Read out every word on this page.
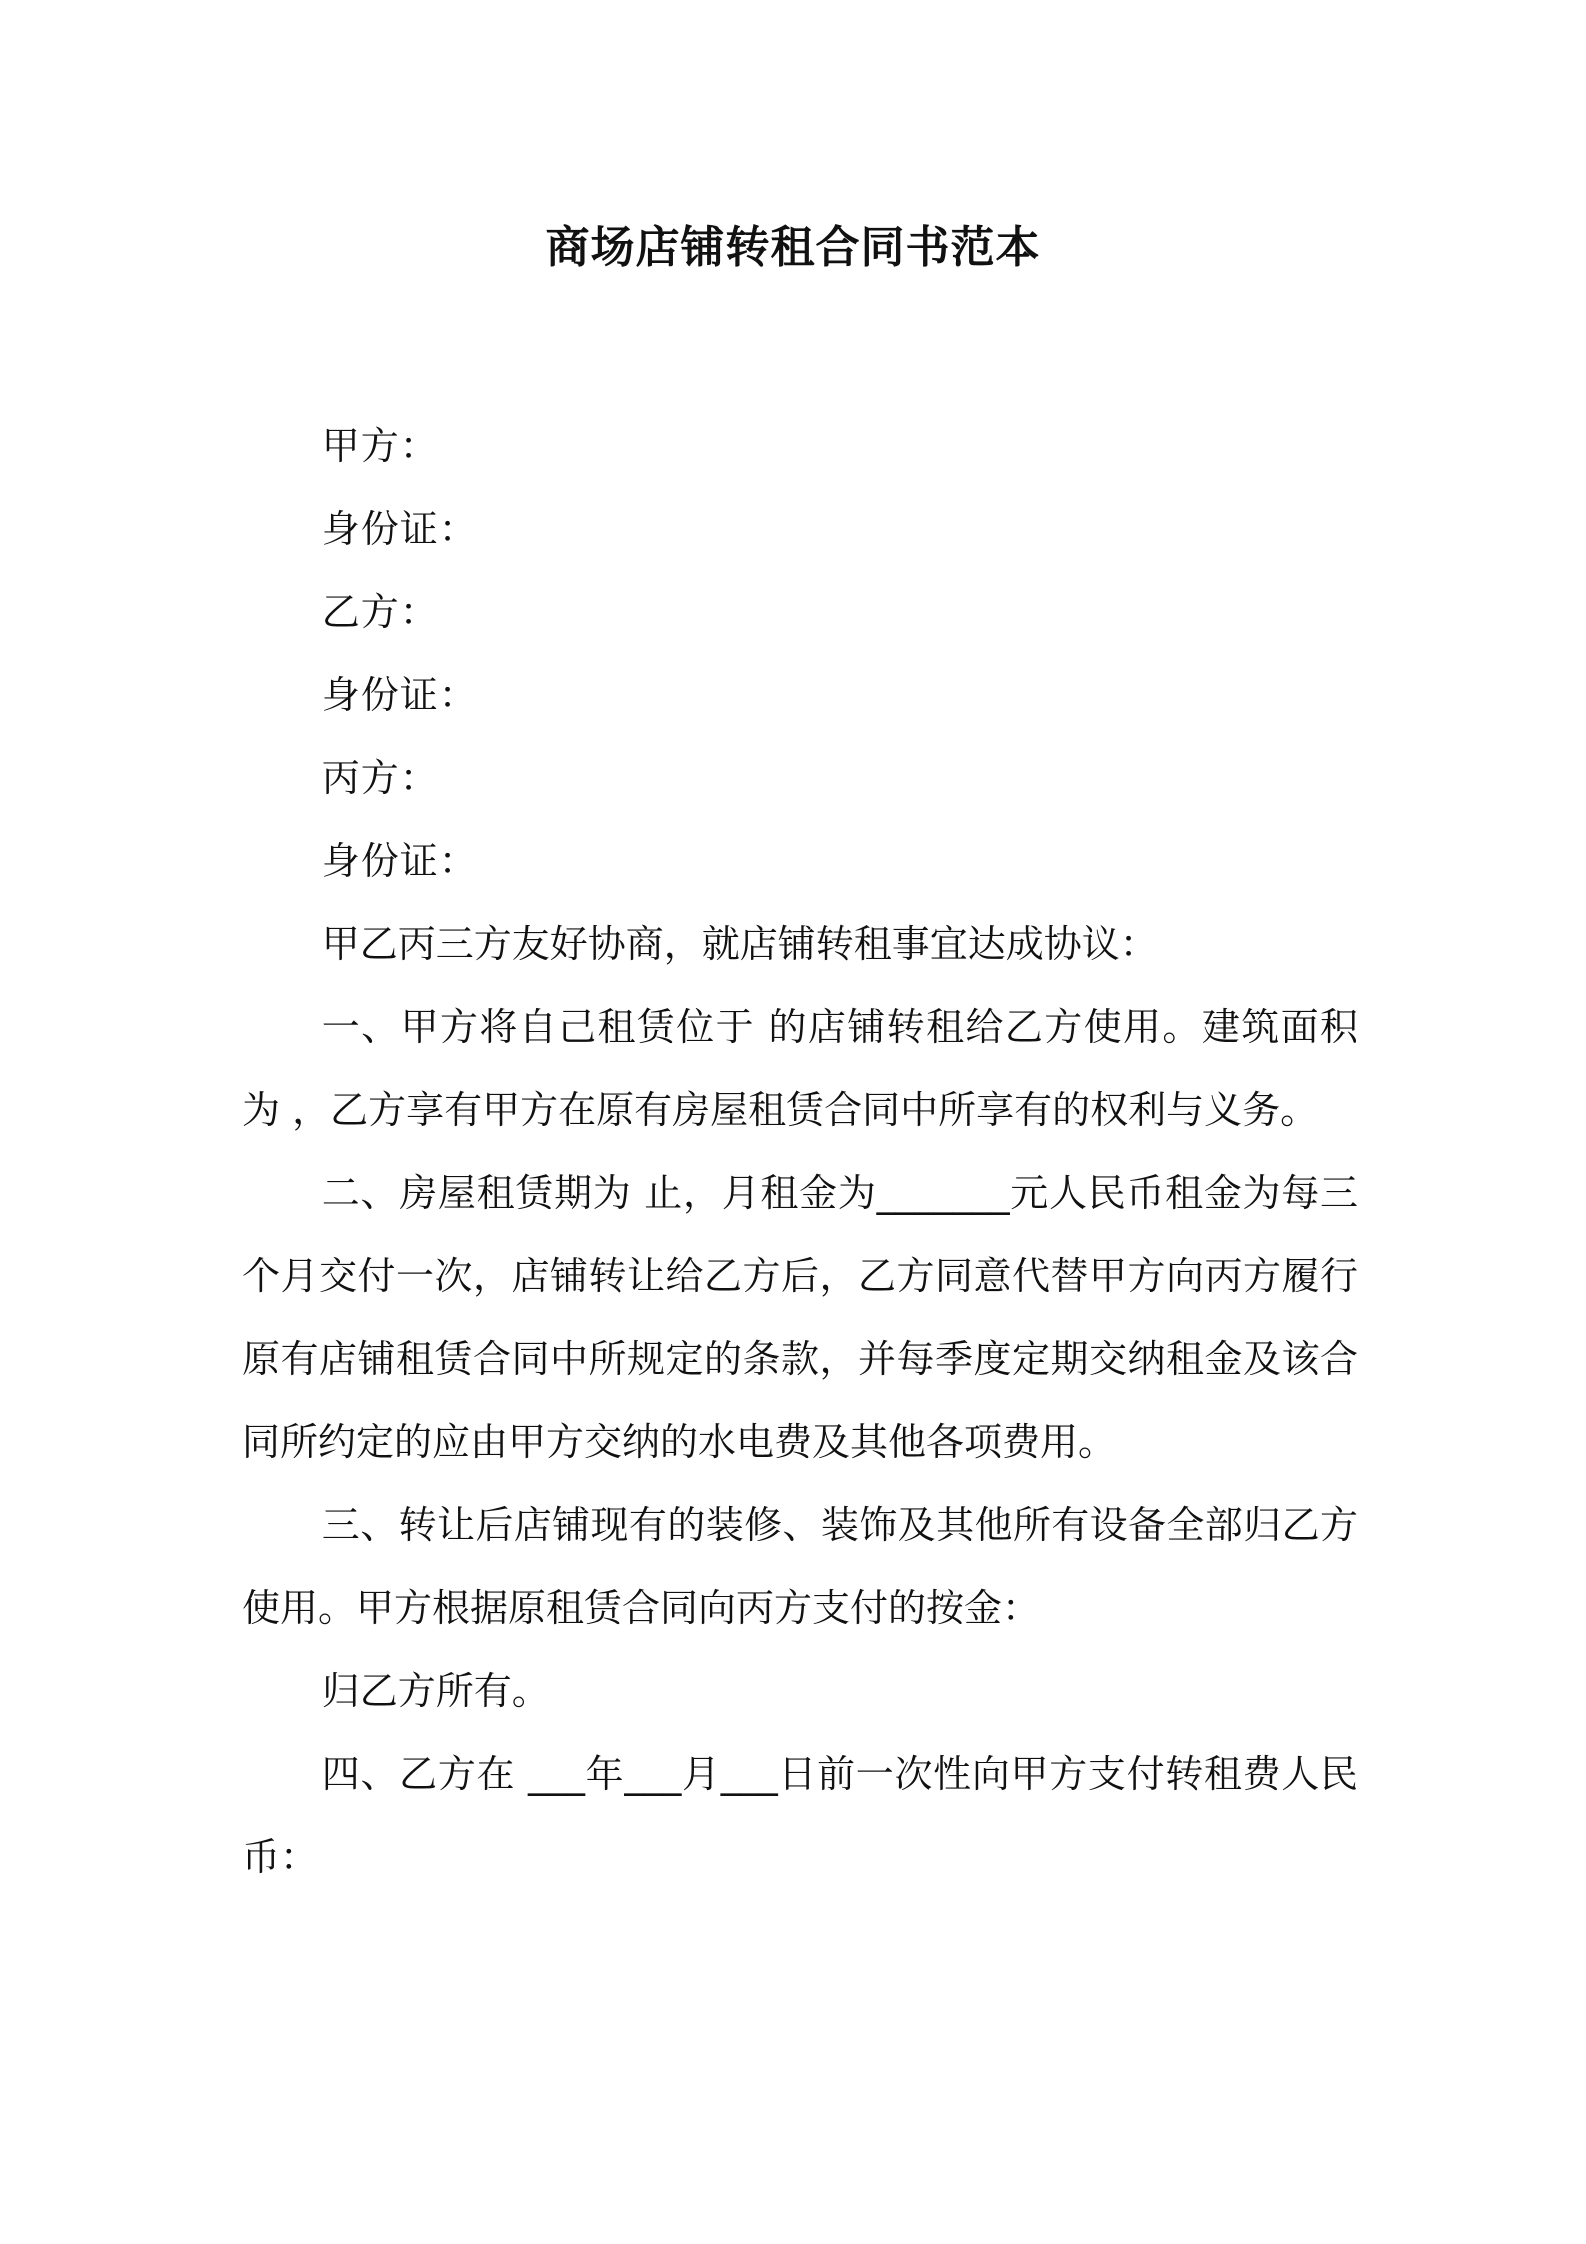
商场店铺转租合同书范本

甲方：

身份证：

乙方：

身份证：

丙方：

身份证：

甲乙丙三方友好协商，就店铺转租事宜达成协议：

一、甲方将自己租赁位于 的店铺转租给乙方使用。建筑面积为 ，乙方享有甲方在原有房屋租赁合同中所享有的权利与义务。

二、房屋租赁期为 止，月租金为_______元人民币租金为每三个月交付一次，店铺转让给乙方后，乙方同意代替甲方向丙方履行原有店铺租赁合同中所规定的条款，并每季度定期交纳租金及该合同所约定的应由甲方交纳的水电费及其他各项费用。

三、转让后店铺现有的装修、装饰及其他所有设备全部归乙方使用。甲方根据原租赁合同向丙方支付的按金：

归乙方所有。

四、乙方在 ___年___月___日前一次性向甲方支付转租费人民币：
